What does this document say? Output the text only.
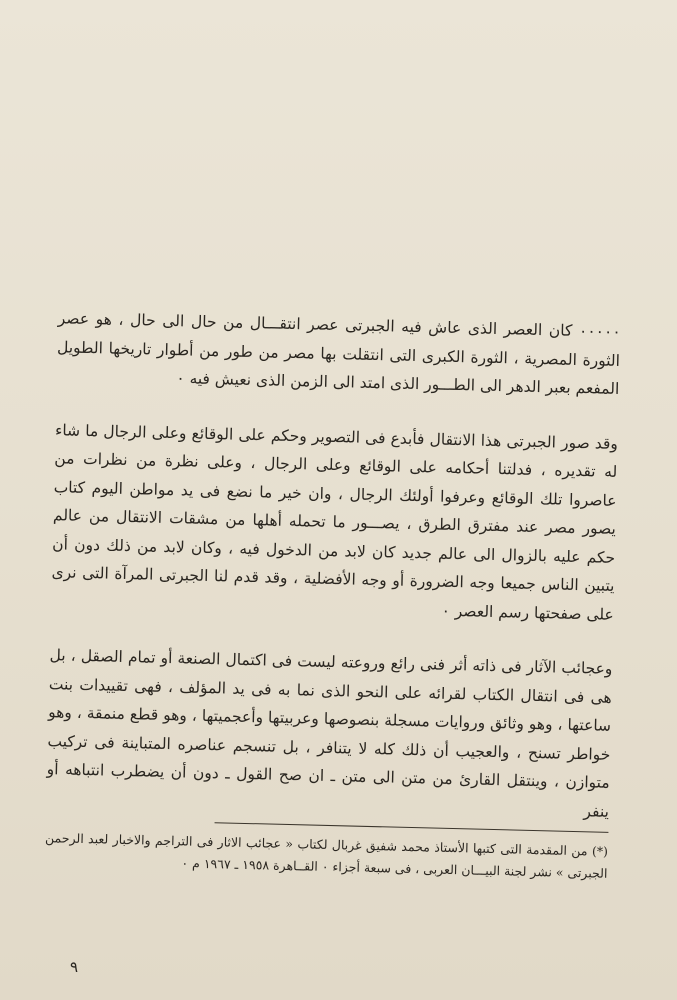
٠٠٠٠٠ كان العصر الذى عاش فيه الجبرتى عصر انتقـــال من حال الى حال ، هو عصر الثورة المصرية ، الثورة الكبرى التى انتقلت بها مصر من طور من أطوار تاريخها الطويل المفعم بعبر الدهر الى الطـــور الذى امتد الى الزمن الذى نعيش فيه ٠

وقد صور الجبرتى هذا الانتقال فأبدع فى التصوير وحكم على الوقائع وعلى الرجال ما شاء له تقديره ، فدلتنا أحكامه على الوقائع وعلى الرجال ، وعلى نظرة من نظرات من عاصروا تلك الوقائع وعرفوا أولئك الرجال ، وان خير ما نضع فى يد مواطن اليوم كتاب يصور مصر عند مفترق الطرق ، يصـــور ما تحمله أهلها من مشقات الانتقال من عالم حكم عليه بالزوال الى عالم جديد كان لابد من الدخول فيه ، وكان لابد من ذلك دون أن يتبين الناس جميعا وجه الضرورة أو وجه الأفضلية ، وقد قدم لنا الجبرتى المرآة التى نرى على صفحتها رسم العصر ٠

وعجائب الآثار فى ذاته أثر فنى رائع وروعته ليست فى اكتمال الصنعة أو تمام الصقل ، بل هى فى انتقال الكتاب لقرائه على النحو الذى نما به فى يد المؤلف ، فهى تقييدات بنت ساعتها ، وهو وثائق وروايات مسجلة بنصوصها وعربيتها وأعجميتها ، وهو قطع منمقة ، وهو خواطر تسنح ، والعجيب أن ذلك كله لا يتنافر ، بل تنسجم عناصره المتباينة فى تركيب متوازن ، وينتقل القارئ من متن الى متن ـ ان صح القول ـ دون أن يضطرب انتباهه أو ينفر

(*) من المقدمة التى كتبها الأستاذ محمد شفيق غربال لكتاب « عجائب الاثار فى التراجم والاخبار لعبد الرحمن الجبرتى » نشر لجنة البيـــان العربى ، فى سبعة أجزاء ٠ القــاهرة ١٩٥٨ ـ ١٩٦٧ م ٠

٩
